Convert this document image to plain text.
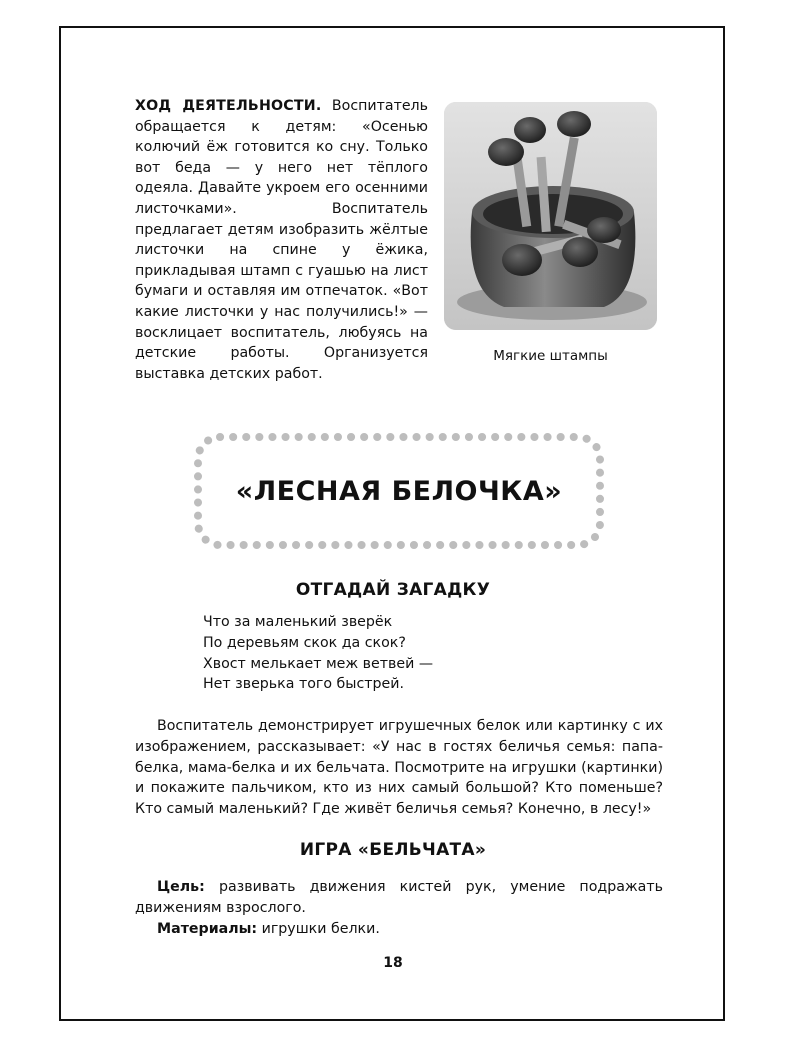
ХОД ДЕЯТЕЛЬНОСТИ. Воспитатель обращается к детям: «Осенью колючий ёж готовится ко сну. Только вот беда — у него нет тёплого одеяла. Давайте укроем его осенними листочками». Воспитатель предлагает детям изобразить жёлтые листочки на спине у ёжика, прикладывая штамп с гуашью на лист бумаги и оставляя им отпечаток. «Вот какие листочки у нас получились!» — восклицает воспитатель, любуясь на детские работы. Организуется выставка детских работ.

Мягкие штампы
«ЛЕСНАЯ БЕЛОЧКА»
ОТГАДАЙ ЗАГАДКУ
Что за маленький зверёк
По деревьям скок да скок?
Хвост мелькает меж ветвей —
Нет зверька того быстрей.

Воспитатель демонстрирует игрушечных белок или картинку с их изображением, рассказывает: «У нас в гостях беличья семья: папа-белка, мама-белка и их бельчата. Посмотрите на игрушки (картинки) и покажите пальчиком, кто из них самый большой? Кто поменьше? Кто самый маленький? Где живёт беличья семья? Конечно, в лесу!»

ИГРА «БЕЛЬЧАТА»

Цель: развивать движения кистей рук, умение подражать движениям взрослого.

Материалы: игрушки белки.

18
